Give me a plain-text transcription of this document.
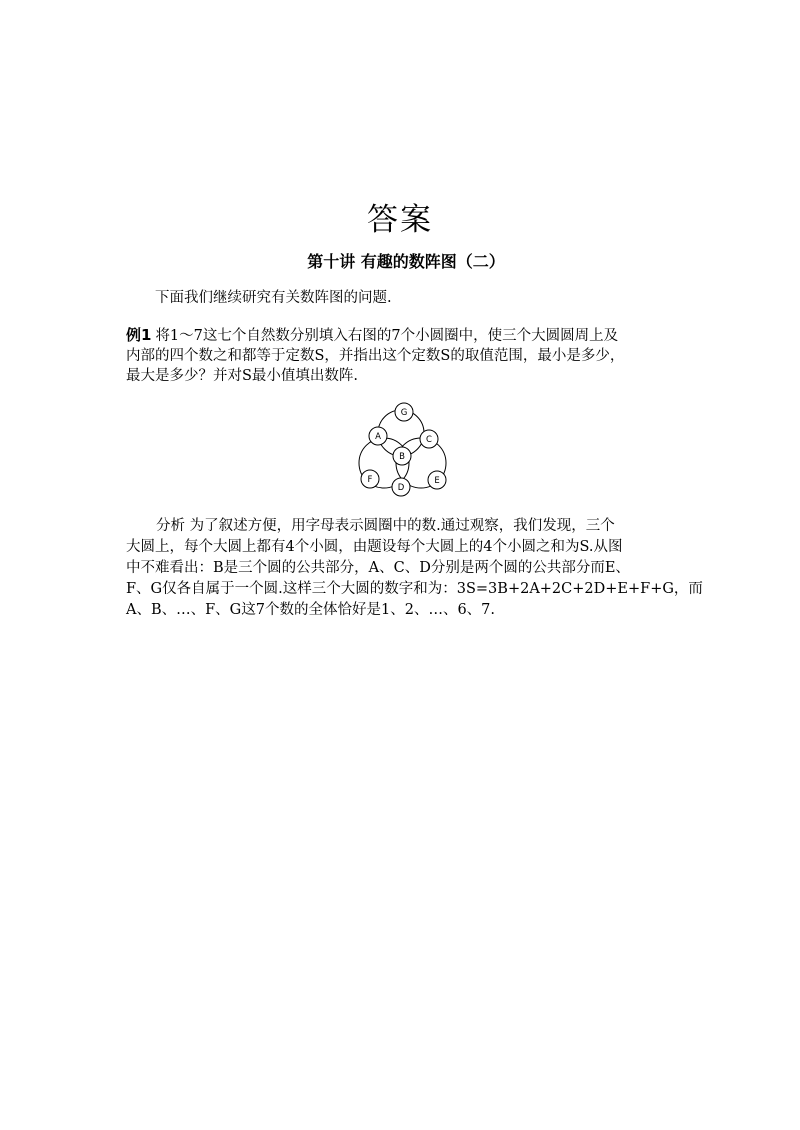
答案
第十讲 有趣的数阵图（二）
下面我们继续研究有关数阵图的问题.
例1 将1～7这七个自然数分别填入右图的7个小圆圈中，使三个大圆圆周上及
内部的四个数之和都等于定数S，并指出这个定数S的取值范围，最小是多少，
最大是多少？并对S最小值填出数阵.
G
A	C
B
F
D
E
分析 为了叙述方便，用字母表示圆圈中的数.通过观察，我们发现，三个
大圆上，每个大圆上都有4个小圆，由题设每个大圆上的4个小圆之和为S.从图
中不难看出：B是三个圆的公共部分，A、C、D分别是两个圆的公共部分而E、
F、G仅各自属于一个圆.这样三个大圆的数字和为：3S=3B+2A+2C+2D+E+F+G，而
A、B、…、F、G这7个数的全体恰好是1、2、…、6、7.
